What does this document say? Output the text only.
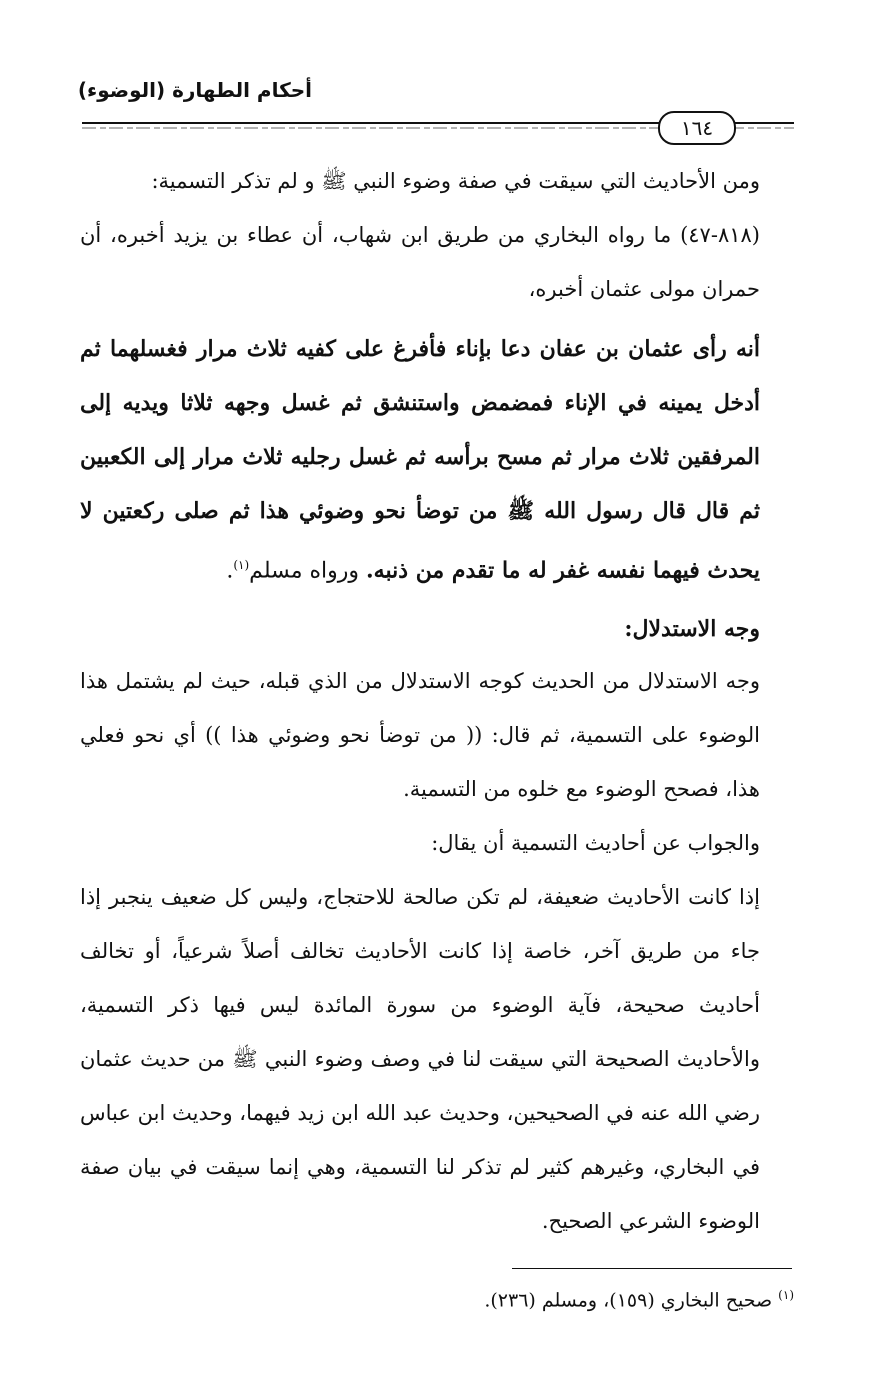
أحكام الطهارة (الوضوء)
١٦٤

ومن الأحاديث التي سيقت في صفة وضوء النبي ﷺ و لم تذكر التسمية:

(٨١٨-٤٧) ما رواه البخاري من طريق ابن شهاب، أن عطاء بن يزيد أخبره، أن حمران مولى عثمان أخبره،

أنه رأى عثمان بن عفان دعا بإناء فأفرغ على كفيه ثلاث مرار فغسلهما ثم أدخل يمينه في الإناء فمضمض واستنشق ثم غسل وجهه ثلاثا ويديه إلى المرفقين ثلاث مرار ثم مسح برأسه ثم غسل رجليه ثلاث مرار إلى الكعبين ثم قال قال رسول الله ﷺ من توضأ نحو وضوئي هذا ثم صلى ركعتين لا يحدث فيهما نفسه غفر له ما تقدم من ذنبه. ورواه مسلم$^{(١)}$.

وجه الاستدلال:

وجه الاستدلال من الحديث كوجه الاستدلال من الذي قبله، حيث لم يشتمل هذا الوضوء على التسمية، ثم قال: (( من توضأ نحو وضوئي هذا )) أي نحو فعلي هذا، فصحح الوضوء مع خلوه من التسمية.

والجواب عن أحاديث التسمية أن يقال:

إذا كانت الأحاديث ضعيفة، لم تكن صالحة للاحتجاج، وليس كل ضعيف ينجبر إذا جاء من طريق آخر، خاصة إذا كانت الأحاديث تخالف أصلاً شرعياً، أو تخالف أحاديث صحيحة، فآية الوضوء من سورة المائدة ليس فيها ذكر التسمية، والأحاديث الصحيحة التي سيقت لنا في وصف وضوء النبي ﷺ من حديث عثمان رضي الله عنه في الصحيحين، وحديث عبد الله ابن زيد فيهما، وحديث ابن عباس في البخاري، وغيرهم كثير لم تذكر لنا التسمية، وهي إنما سيقت في بيان صفة الوضوء الشرعي الصحيح.

$^{(١)}$ صحيح البخاري (١٥٩)، ومسلم (٢٣٦).
